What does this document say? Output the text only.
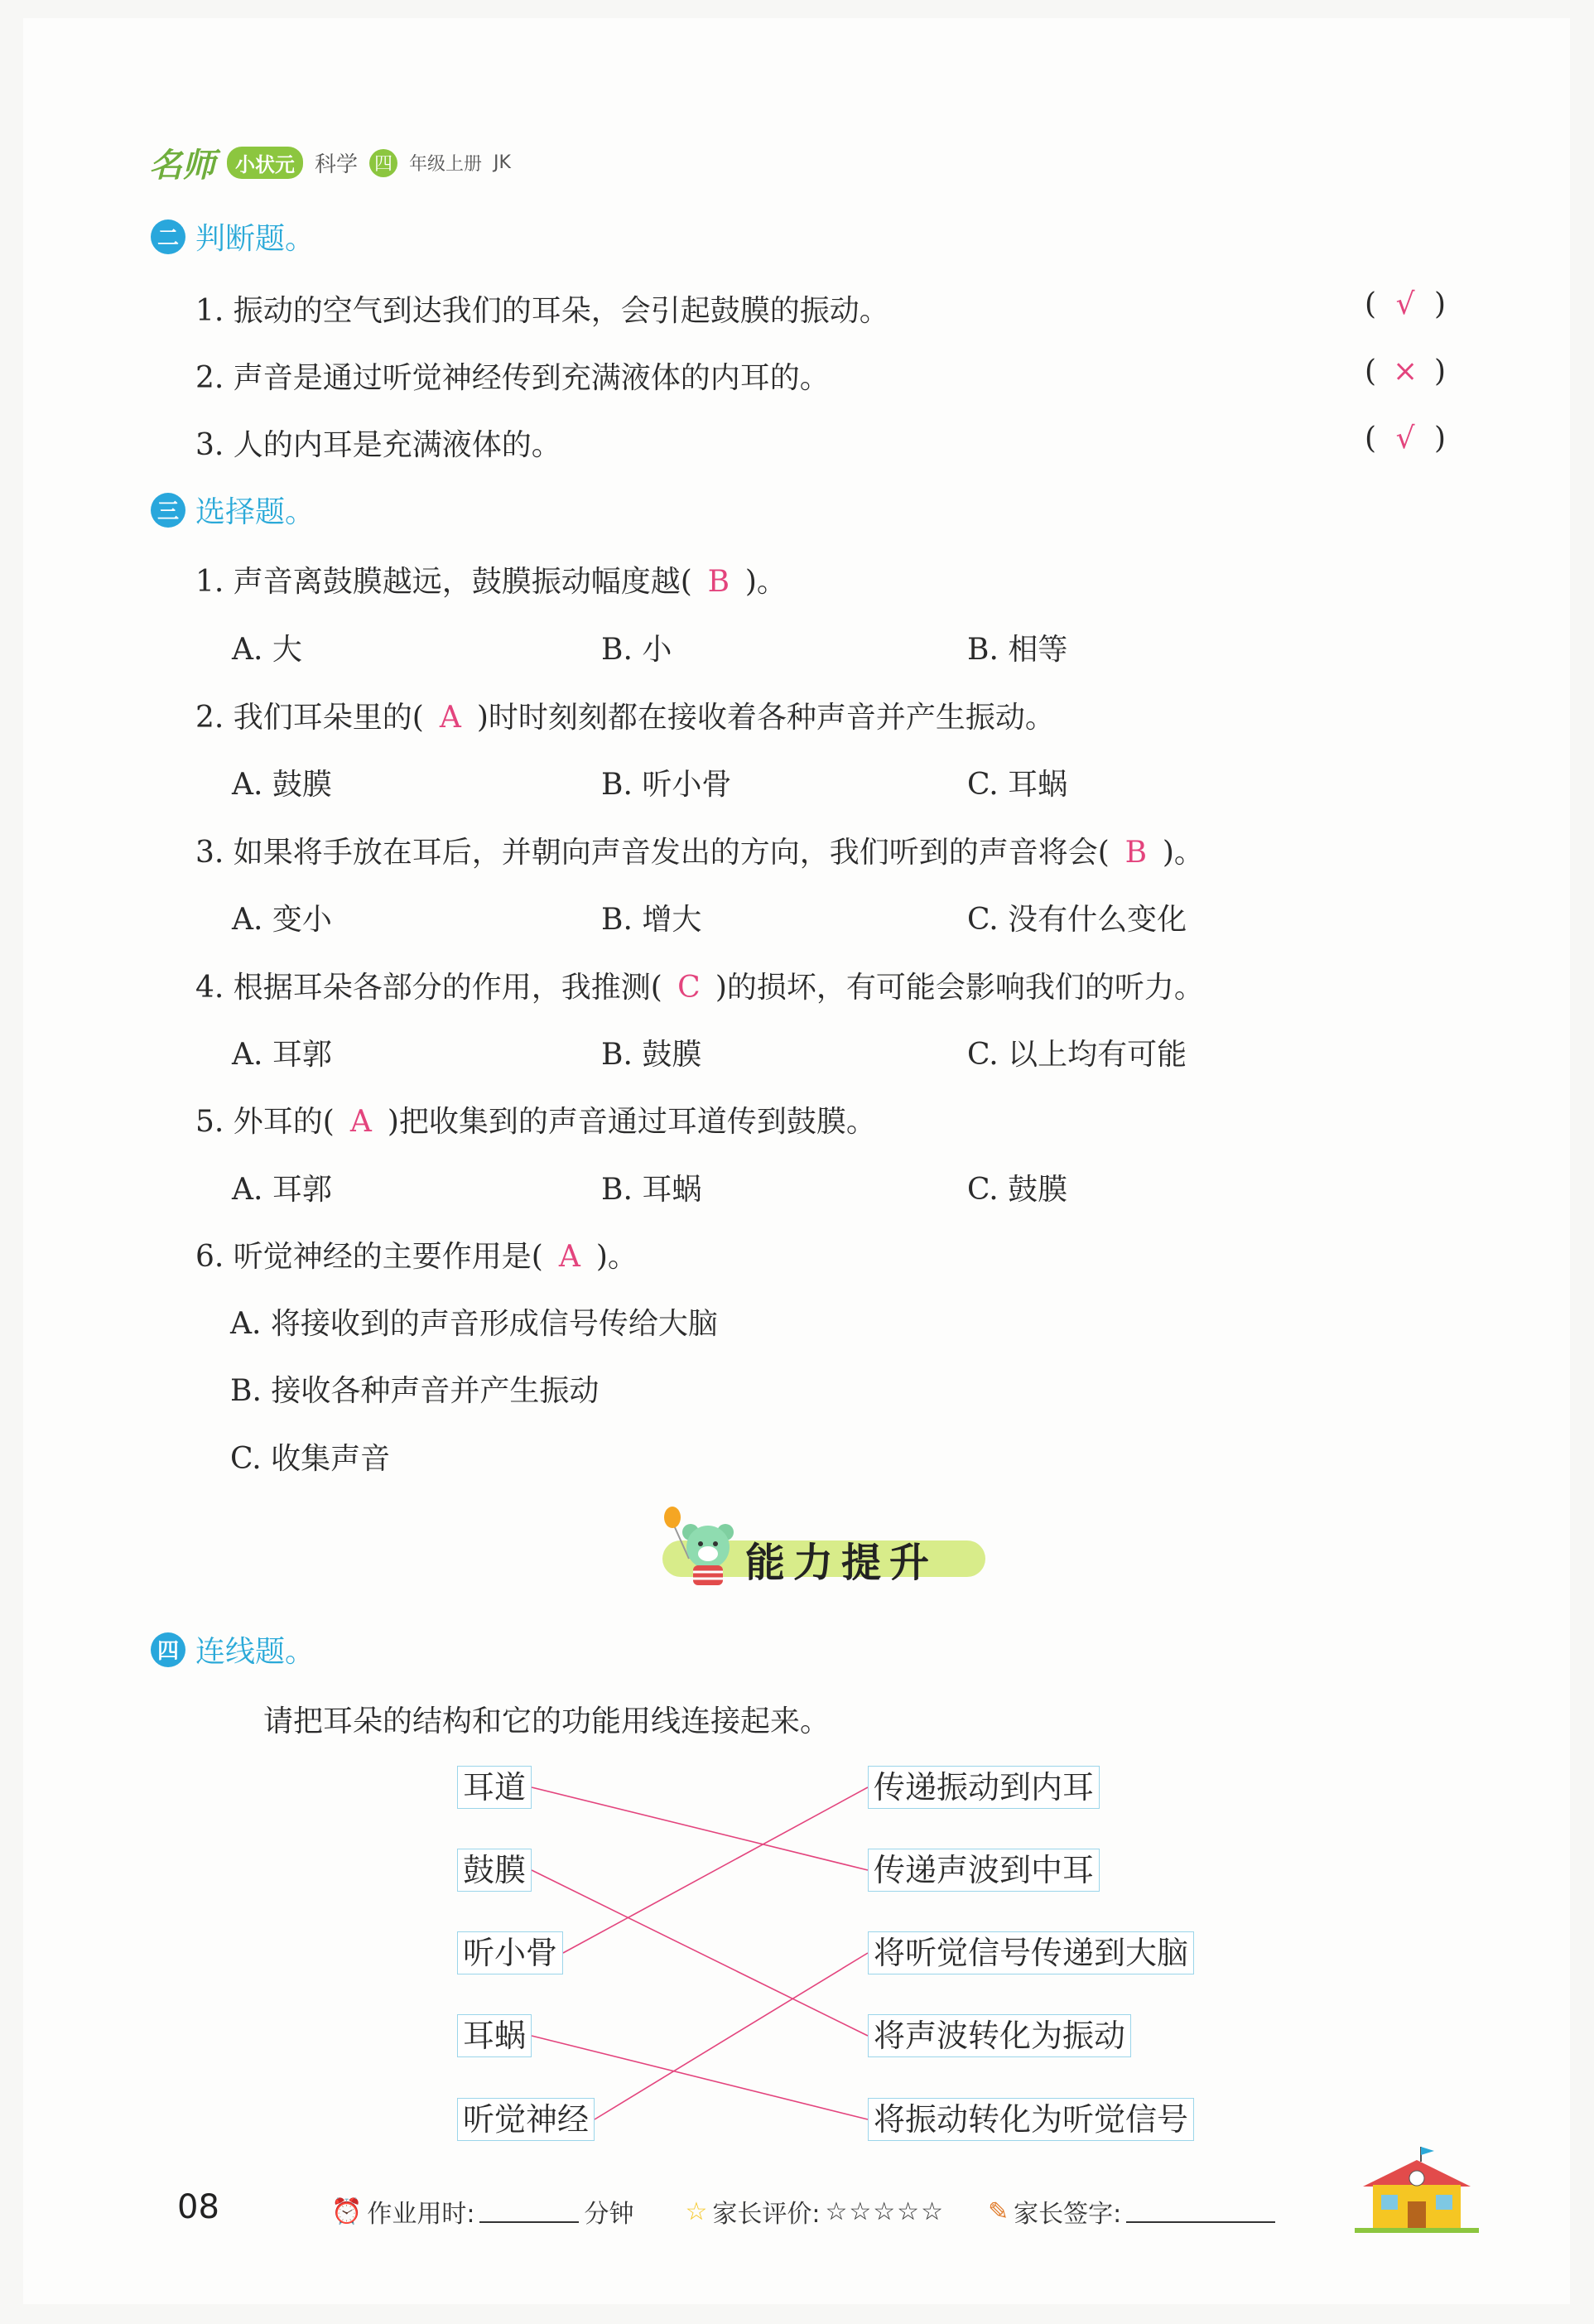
名师	小状元 科学 四 年级上册 JK
二 判断题。
1. 振动的空气到达我们的耳朵，会引起鼓膜的振动。	( √ )
2. 声音是通过听觉神经传到充满液体的内耳的。	( × )
3. 人的内耳是充满液体的。	( √ )
三 选择题。
1. 声音离鼓膜越远，鼓膜振动幅度越( B )。
A. 大	B. 小	B. 相等
2. 我们耳朵里的( A )时时刻刻都在接收着各种声音并产生振动。
A. 鼓膜	B. 听小骨	C. 耳蜗
3. 如果将手放在耳后，并朝向声音发出的方向，我们听到的声音将会( B )。
A. 变小	B. 增大	C. 没有什么变化
4. 根据耳朵各部分的作用，我推测( C )的损坏，有可能会影响我们的听力。
A. 耳郭	B. 鼓膜	C. 以上均有可能
5. 外耳的( A )把收集到的声音通过耳道传到鼓膜。
A. 耳郭	B. 耳蜗	C. 鼓膜
6. 听觉神经的主要作用是( A )。
A. 将接收到的声音形成信号传给大脑
B. 接收各种声音并产生振动
C. 收集声音
能力提升
四 连线题。
请把耳朵的结构和它的功能用线连接起来。
耳道
鼓膜
听小骨
耳蜗
听觉神经
传递振动到内耳
传递声波到中耳
将听觉信号传递到大脑
将声波转化为振动
将振动转化为听觉信号
08	⏰ 作业用时:	分钟 ☆ 家长评价: ☆☆☆☆☆ ✎ 家长签字:
